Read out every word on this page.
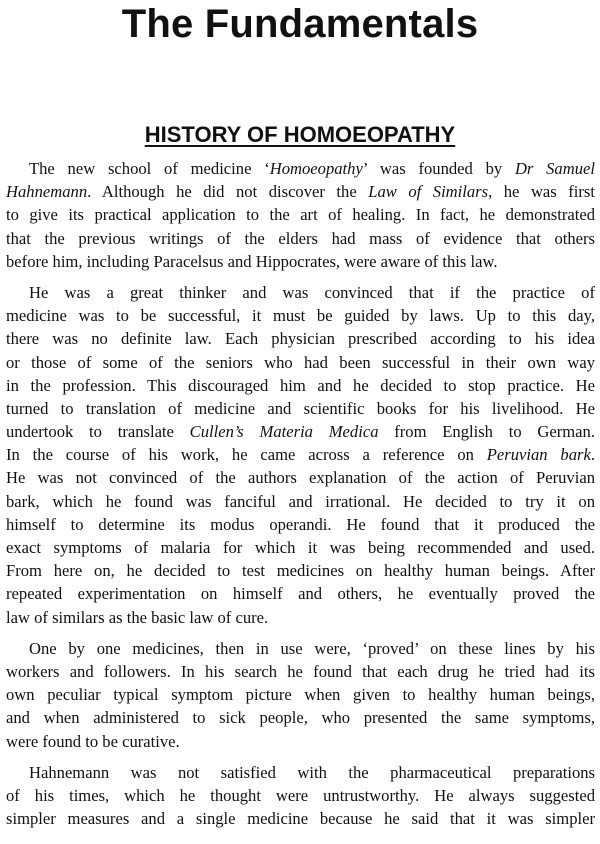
The Fundamentals
HISTORY OF HOMOEOPATHY
The new school of medicine ‘Homoeopathy’ was founded by Dr Samuel
Hahnemann. Although he did not discover the Law of Similars, he was first
to give its practical application to the art of healing. In fact, he demonstrated
that the previous writings of the elders had mass of evidence that others
before him, including Paracelsus and Hippocrates, were aware of this law.
He was a great thinker and was convinced that if the practice of
medicine was to be successful, it must be guided by laws. Up to this day,
there was no definite law. Each physician prescribed according to his idea
or those of some of the seniors who had been successful in their own way
in the profession. This discouraged him and he decided to stop practice. He
turned to translation of medicine and scientific books for his livelihood. He
undertook to translate Cullen’s Materia Medica from English to German.
In the course of his work, he came across a reference on Peruvian bark.
He was not convinced of the authors explanation of the action of Peruvian
bark, which he found was fanciful and irrational. He decided to try it on
himself to determine its modus operandi. He found that it produced the
exact symptoms of malaria for which it was being recommended and used.
From here on, he decided to test medicines on healthy human beings. After
repeated experimentation on himself and others, he eventually proved the
law of similars as the basic law of cure.
One by one medicines, then in use were, ‘proved’ on these lines by his
workers and followers. In his search he found that each drug he tried had its
own peculiar typical symptom picture when given to healthy human beings,
and when administered to sick people, who presented the same symptoms,
were found to be curative.
Hahnemann was not satisfied with the pharmaceutical preparations
of his times, which he thought were untrustworthy. He always suggested
simpler measures and a single medicine because he said that it was simpler
